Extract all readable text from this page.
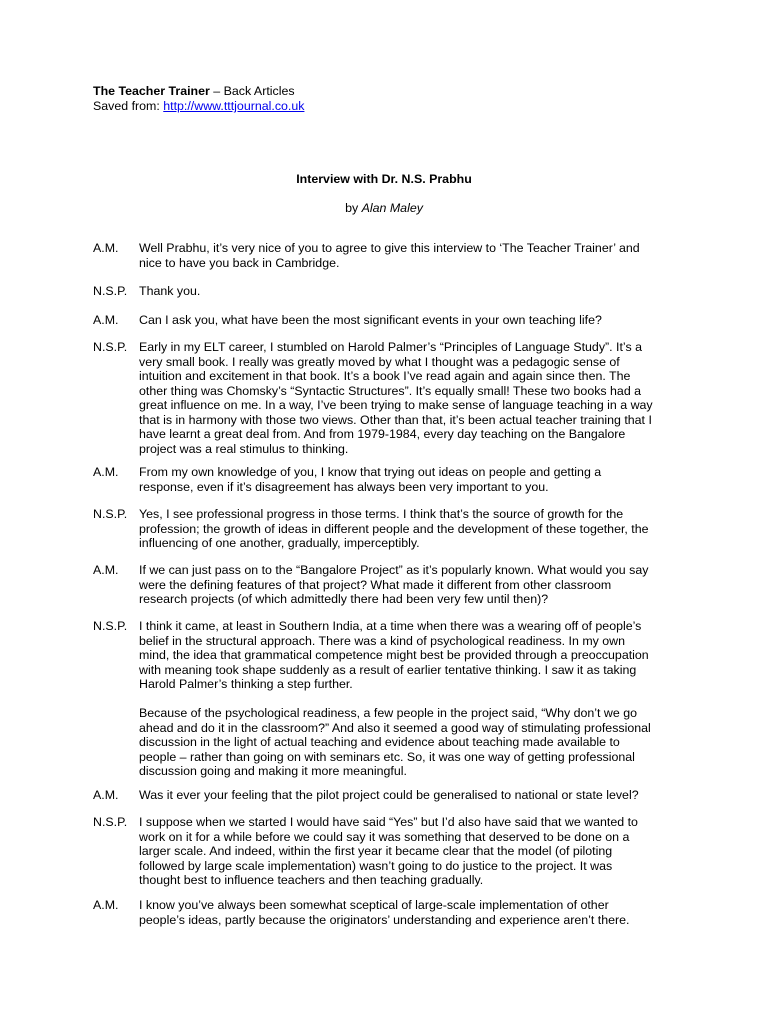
The Teacher Trainer – Back Articles
Saved from: http://www.tttjournal.co.uk
Interview with Dr. N.S. Prabhu
by Alan Maley
A.M.	Well Prabhu, it’s very nice of you to agree to give this interview to ‘The Teacher Trainer’ and
nice to have you back in Cambridge.

N.S.P. Thank you.

A.M.	Can I ask you, what have been the most significant events in your own teaching life?

N.S.P. Early in my ELT career, I stumbled on Harold Palmer’s “Principles of Language Study”. It’s a
very small book. I really was greatly moved by what I thought was a pedagogic sense of
intuition and excitement in that book. It’s a book I’ve read again and again since then. The
other thing was Chomsky’s “Syntactic Structures”. It’s equally small! These two books had a
great influence on me. In a way, I’ve been trying to make sense of language teaching in a way
that is in harmony with those two views. Other than that, it’s been actual teacher training that I
have learnt a great deal from. And from 1979-1984, every day teaching on the Bangalore
project was a real stimulus to thinking.

A.M.	From my own knowledge of you, I know that trying out ideas on people and getting a
response, even if it’s disagreement has always been very important to you.

N.S.P. Yes, I see professional progress in those terms. I think that’s the source of growth for the
profession; the growth of ideas in different people and the development of these together, the
influencing of one another, gradually, imperceptibly.

A.M.	If we can just pass on to the “Bangalore Project” as it’s popularly known. What would you say
were the defining features of that project? What made it different from other classroom
research projects (of which admittedly there had been very few until then)?

N.S.P. I think it came, at least in Southern India, at a time when there was a wearing off of people’s
belief in the structural approach. There was a kind of psychological readiness. In my own
mind, the idea that grammatical competence might best be provided through a preoccupation
with meaning took shape suddenly as a result of earlier tentative thinking. I saw it as taking
Harold Palmer’s thinking a step further.

Because of the psychological readiness, a few people in the project said, “Why don’t we go
ahead and do it in the classroom?” And also it seemed a good way of stimulating professional
discussion in the light of actual teaching and evidence about teaching made available to
people – rather than going on with seminars etc. So, it was one way of getting professional
discussion going and making it more meaningful.

A.M.	Was it ever your feeling that the pilot project could be generalised to national or state level?

N.S.P. I suppose when we started I would have said “Yes” but I’d also have said that we wanted to
work on it for a while before we could say it was something that deserved to be done on a
larger scale. And indeed, within the first year it became clear that the model (of piloting
followed by large scale implementation) wasn’t going to do justice to the project. It was
thought best to influence teachers and then teaching gradually.

A.M.	I know you’ve always been somewhat sceptical of large-scale implementation of other
people’s ideas, partly because the originators’ understanding and experience aren’t there.
